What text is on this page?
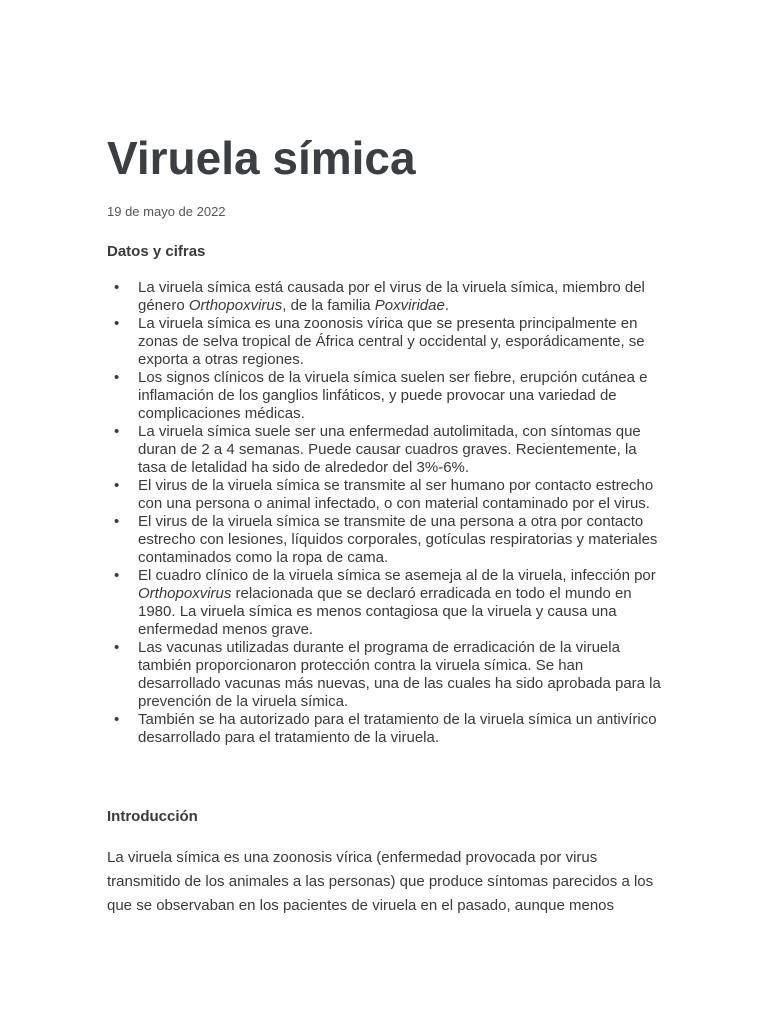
Viruela símica
19 de mayo de 2022
Datos y cifras
• La viruela símica está causada por el virus de la viruela símica, miembro del género Orthopoxvirus, de la familia Poxviridae.
• La viruela símica es una zoonosis vírica que se presenta principalmente en zonas de selva tropical de África central y occidental y, esporádicamente, se exporta a otras regiones.
• Los signos clínicos de la viruela símica suelen ser fiebre, erupción cutánea e inflamación de los ganglios linfáticos, y puede provocar una variedad de complicaciones médicas.
• La viruela símica suele ser una enfermedad autolimitada, con síntomas que duran de 2 a 4 semanas. Puede causar cuadros graves. Recientemente, la tasa de letalidad ha sido de alrededor del 3%-6%.
• El virus de la viruela símica se transmite al ser humano por contacto estrecho con una persona o animal infectado, o con material contaminado por el virus.
• El virus de la viruela símica se transmite de una persona a otra por contacto estrecho con lesiones, líquidos corporales, gotículas respiratorias y materiales contaminados como la ropa de cama.
• El cuadro clínico de la viruela símica se asemeja al de la viruela, infección por Orthopoxvirus relacionada que se declaró erradicada en todo el mundo en 1980. La viruela símica es menos contagiosa que la viruela y causa una enfermedad menos grave.
• Las vacunas utilizadas durante el programa de erradicación de la viruela también proporcionaron protección contra la viruela símica. Se han desarrollado vacunas más nuevas, una de las cuales ha sido aprobada para la prevención de la viruela símica.
• También se ha autorizado para el tratamiento de la viruela símica un antivírico desarrollado para el tratamiento de la viruela.
Introducción

La viruela símica es una zoonosis vírica (enfermedad provocada por virus transmitido de los animales a las personas) que produce síntomas parecidos a los que se observaban en los pacientes de viruela en el pasado, aunque menos
